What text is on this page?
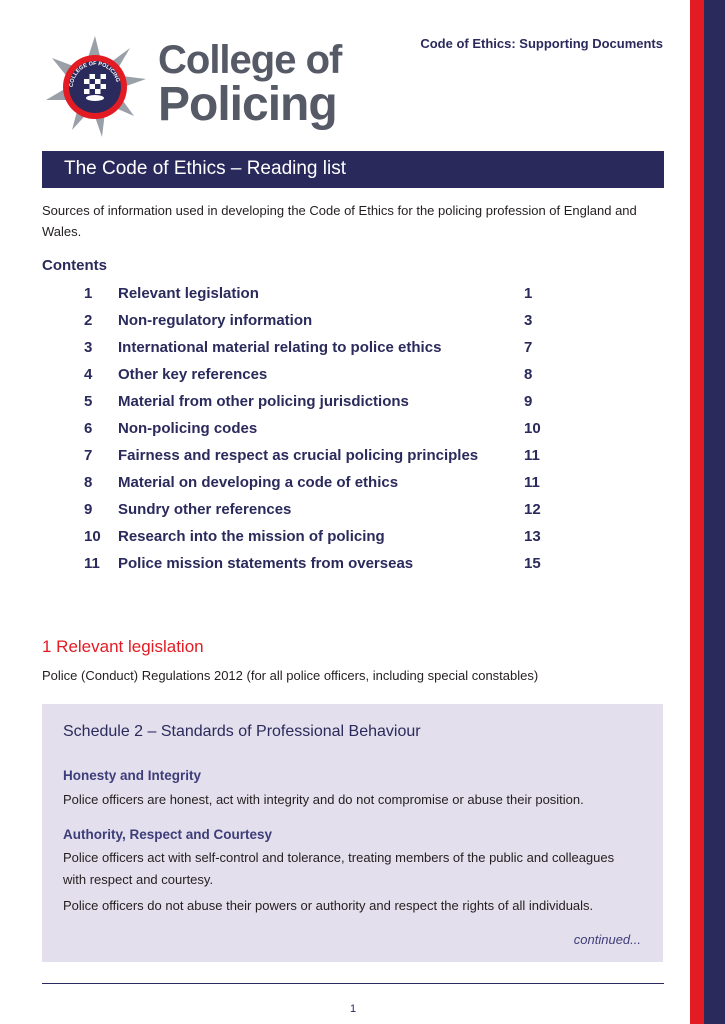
COLLEGE OF POLICING College of
Policing
Code of Ethics: Supporting Documents
The Code of Ethics – Reading list
Sources of information used in developing the Code of Ethics for the policing profession of England and Wales.
Contents
1 Relevant legislation	1
2 Non-regulatory information	3
3 International material relating to police ethics	7
4 Other key references	8
5 Material from other policing jurisdictions	9
6 Non-policing codes	10
7 Fairness and respect as crucial policing principles	11
8 Material on developing a code of ethics	11
9 Sundry other references	12
10 Research into the mission of policing	13
11 Police mission statements from overseas	15
1 Relevant legislation
Police (Conduct) Regulations 2012 (for all police officers, including special constables)
Schedule 2 – Standards of Professional Behaviour
Honesty and Integrity
Police officers are honest, act with integrity and do not compromise or abuse their position.
Authority, Respect and Courtesy
Police officers act with self-control and tolerance, treating members of the public and colleagues with respect and courtesy.
Police officers do not abuse their powers or authority and respect the rights of all individuals.
continued...
1
